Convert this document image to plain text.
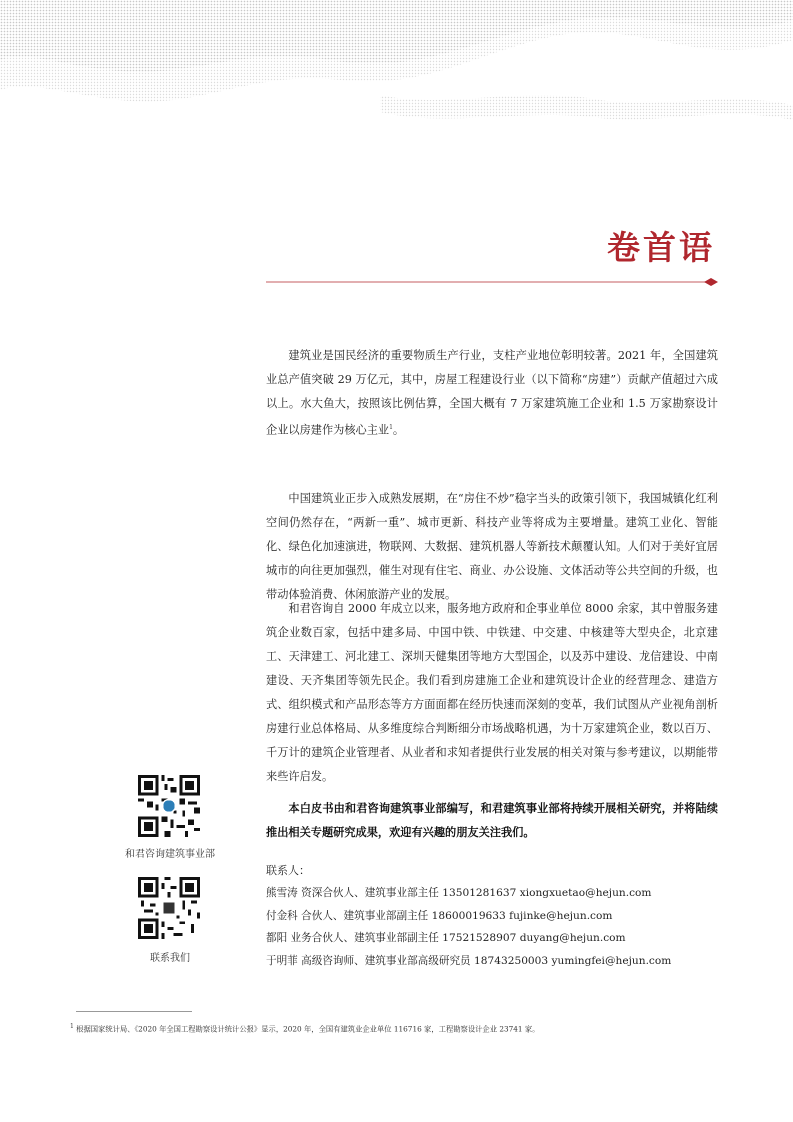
卷首语

建筑业是国民经济的重要物质生产行业，支柱产业地位彰明较著。2021 年，全国建筑业总产值突破 29 万亿元，其中，房屋工程建设行业（以下简称“房建”）贡献产值超过六成以上。水大鱼大，按照该比例估算，全国大概有 7 万家建筑施工企业和 1.5 万家勘察设计企业以房建作为核心主业$^1$。

中国建筑业正步入成熟发展期，在“房住不炒”稳字当头的政策引领下，我国城镇化红利空间仍然存在，“两新一重”、城市更新、科技产业等将成为主要增量。建筑工业化、智能化、绿色化加速演进，物联网、大数据、建筑机器人等新技术颠覆认知。人们对于美好宜居城市的向往更加强烈，催生对现有住宅、商业、办公设施、文体活动等公共空间的升级，也带动体验消费、休闲旅游产业的发展。

和君咨询自 2000 年成立以来，服务地方政府和企事业单位 8000 余家，其中曾服务建筑企业数百家，包括中建多局、中国中铁、中铁建、中交建、中核建等大型央企，北京建工、天津建工、河北建工、深圳天健集团等地方大型国企，以及苏中建设、龙信建设、中南建设、天齐集团等领先民企。我们看到房建施工企业和建筑设计企业的经营理念、建造方式、组织模式和产品形态等方方面面都在经历快速而深刻的变革，我们试图从产业视角剖析房建行业总体格局、从多维度综合判断细分市场战略机遇，为十万家建筑企业，数以百万、千万计的建筑企业管理者、从业者和求知者提供行业发展的相关对策与参考建议，以期能带来些许启发。

本白皮书由和君咨询建筑事业部编写，和君建筑事业部将持续开展相关研究，并将陆续推出相关专题研究成果，欢迎有兴趣的朋友关注我们。

和君咨询建筑事业部

联系我们

联系人：

熊雪涛 资深合伙人、建筑事业部主任 13501281637 xiongxuetao@hejun.com

付金科 合伙人、建筑事业部副主任 18600019633 fujinke@hejun.com

都阳 业务合伙人、建筑事业部副主任 17521528907 duyang@hejun.com

于明菲 高级咨询师、建筑事业部高级研究员 18743250003 yumingfei@hejun.com

$^1$ 根据国家统计局、《2020 年全国工程勘察设计统计公报》显示，2020 年，全国有建筑业企业单位 116716 家，工程勘察设计企业 23741 家。
